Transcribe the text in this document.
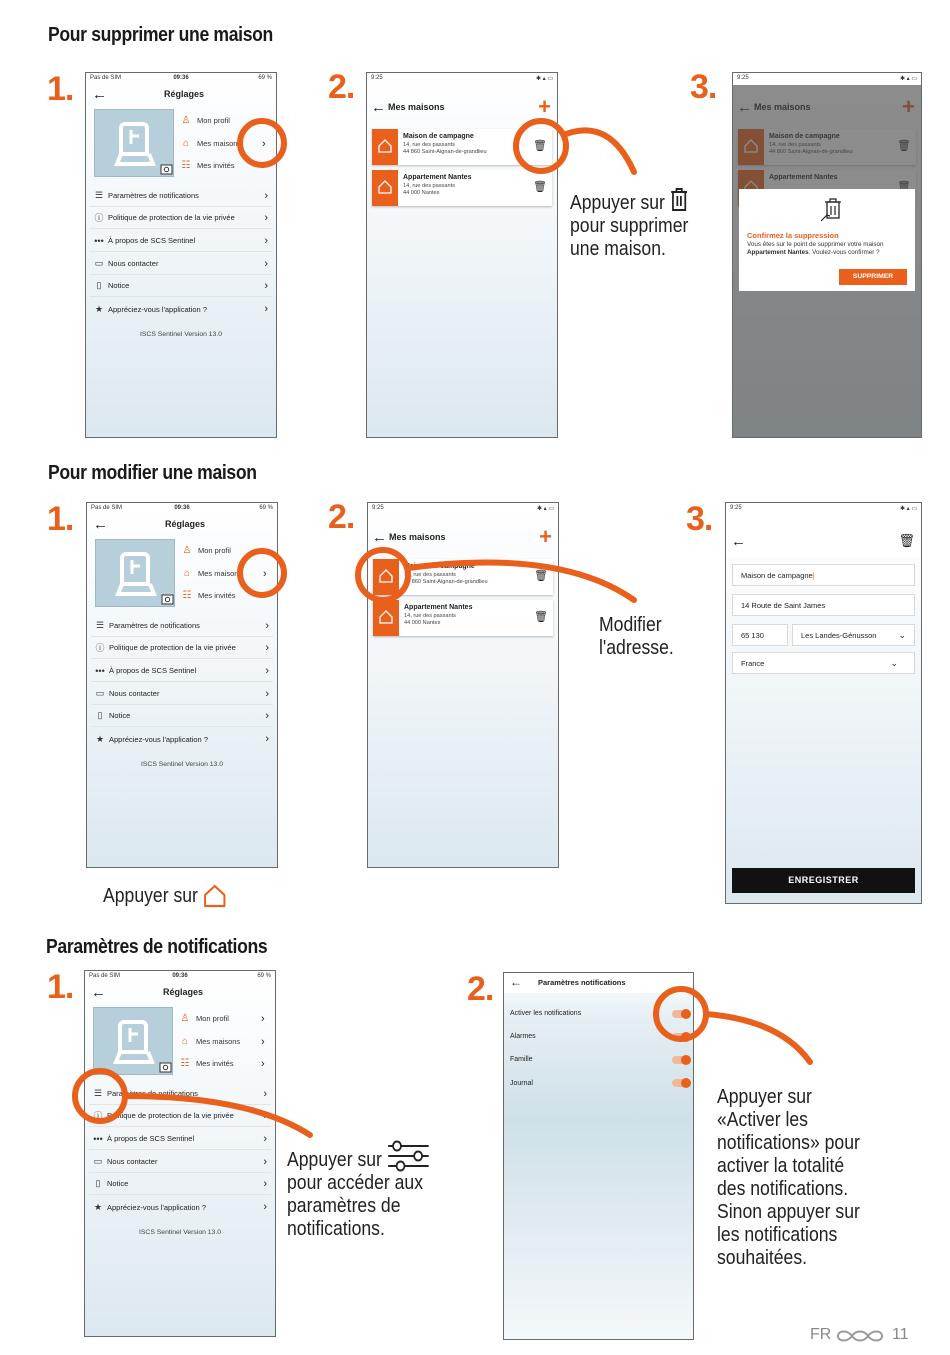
Pour supprimer une maison
Pour modifier une maison
Paramètres de notifications
1.	2.	3.
1.	2.	3.
1.	2.
Pas de SIM	09:36	69 %
←	Réglages
♙ Mon profil	›
⌂	Mes maisons ›
☷ Mes invités ›
☰ Paramètres de notifications	›
ⓘ Politique de protection de la vie privée	›
••• À propos de SCS Sentinel	›
▭ Nous contacter	›
▯ Notice	›
★ Appréciez-vous l'application ?	›
ISCS Sentinel Version 13.0
9:25	✱ ▴ ▭
← Mes maisons	+
Maison de campagne
14, rue des passants
44 860 Saint-Aignan-de-grandlieu	🗑
Appartement Nantes
14, rue des passants
44 000 Nantes	🗑
9:25	✱ ▴ ▭
Confirmez la suppression
Vous êtes sur le point de supprimer votre maison Appartement Nantes. Voulez-vous confirmer ?
SUPPRIMER
Pas de SIM	09:36	69 %
←	Réglages
♙ Mon profil	›
⌂	Mes maisons ›
☷ Mes invités ›
☰ Paramètres de notifications	›
ⓘ Politique de protection de la vie privée	›
••• À propos de SCS Sentinel	›
▭ Nous contacter	›
▯ Notice	›
★ Appréciez-vous l'application ?	›
ISCS Sentinel Version 13.0
9:25	✱ ▴ ▭
← Mes maisons	+
Maison de campagne
14, rue des passants
44 860 Saint-Aignan-de-grandlieu	🗑
Appartement Nantes
14, rue des passants
44 000 Nantes	🗑
9:25	✱ ▴ ▭
←	🗑
Maison de campagne |
14 Route de Saint James
65 130	Les Landes-Génusson ⌄
France	⌄
ENREGISTRER
Pas de SIM	09:36	69 %
←	Réglages
♙ Mon profil	›
⌂	Mes maisons ›
☷ Mes invités ›
☰ Paramètres de notifications	›
ⓘ Politique de protection de la vie privée	›
••• À propos de SCS Sentinel	›
▭ Nous contacter	›
▯ Notice	›
★ Appréciez-vous l'application ?	›
ISCS Sentinel Version 13.0
← Paramètres notifications
Activer les notifications
Alarmes
Famille
Journal
Appuyer sur
pour supprimer
une maison.
Modifier
l'adresse.
Appuyer sur
Appuyer sur
pour accéder aux
paramètres de
notifications.
Appuyer sur
«Activer les
notifications» pour
activer la totalité
des notifications.
Sinon appuyer sur
les notifications
souhaitées.
FR	11
